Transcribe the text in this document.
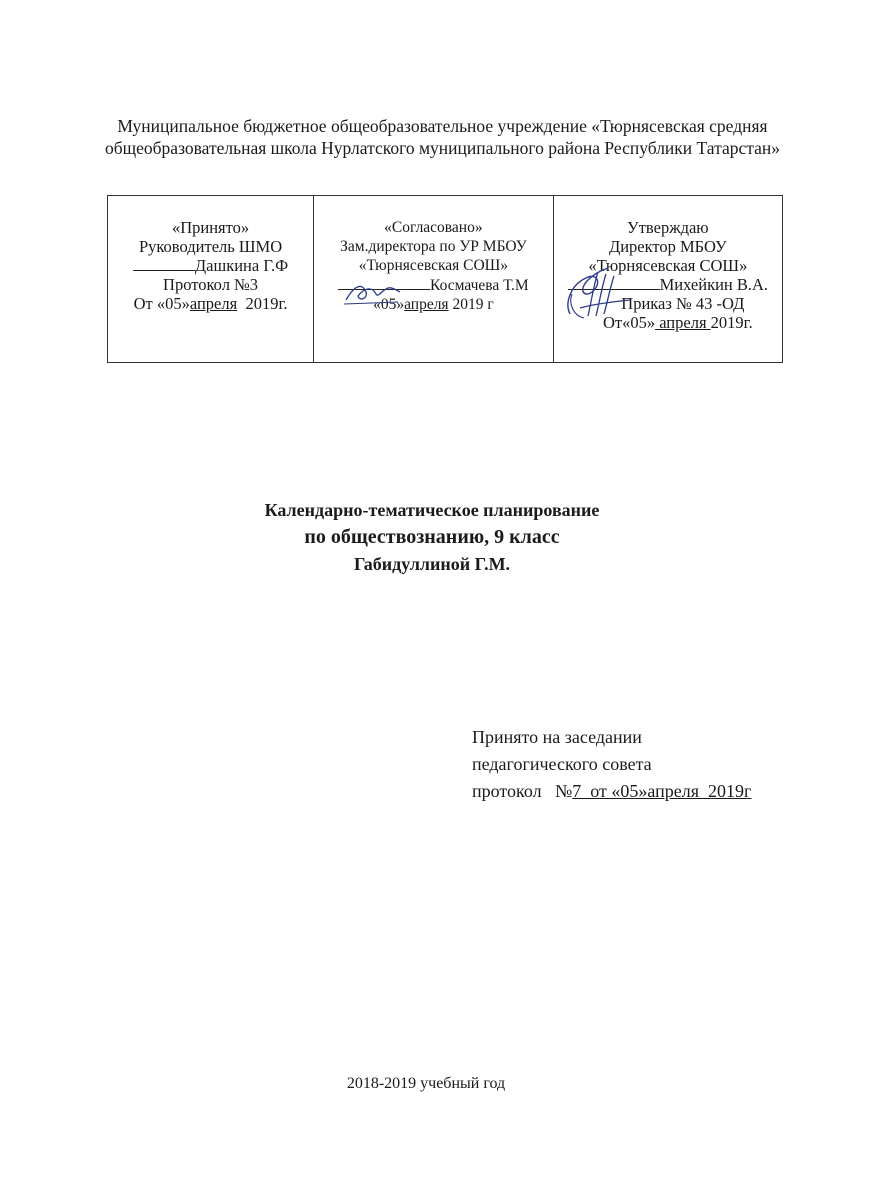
Муниципальное бюджетное общеобразовательное учреждение «Тюрнясевская средняя
общеобразовательная школа Нурлатского муниципального района Республики Татарстан»
«Принято»
Руководитель ШМО
Дашкина Г.Ф
Протокол №3
От «05»апреля  2019г.

«Согласовано»
Зам.директора по УР МБОУ
«Тюрнясевская СОШ»
Космачева Т.М
«05»апреля 2019 г

Утверждаю
Директор МБОУ
«Тюрнясевская СОШ»
Михейкин В.А.
Приказ № 43 -ОД
От«05» апреля 2019г.
Календарно-тематическое планирование
по обществознанию, 9 класс
Габидуллиной Г.М.
Принято на заседании
педагогического совета
протокол   №7  от «05»апреля  2019г
2018-2019 учебный год
